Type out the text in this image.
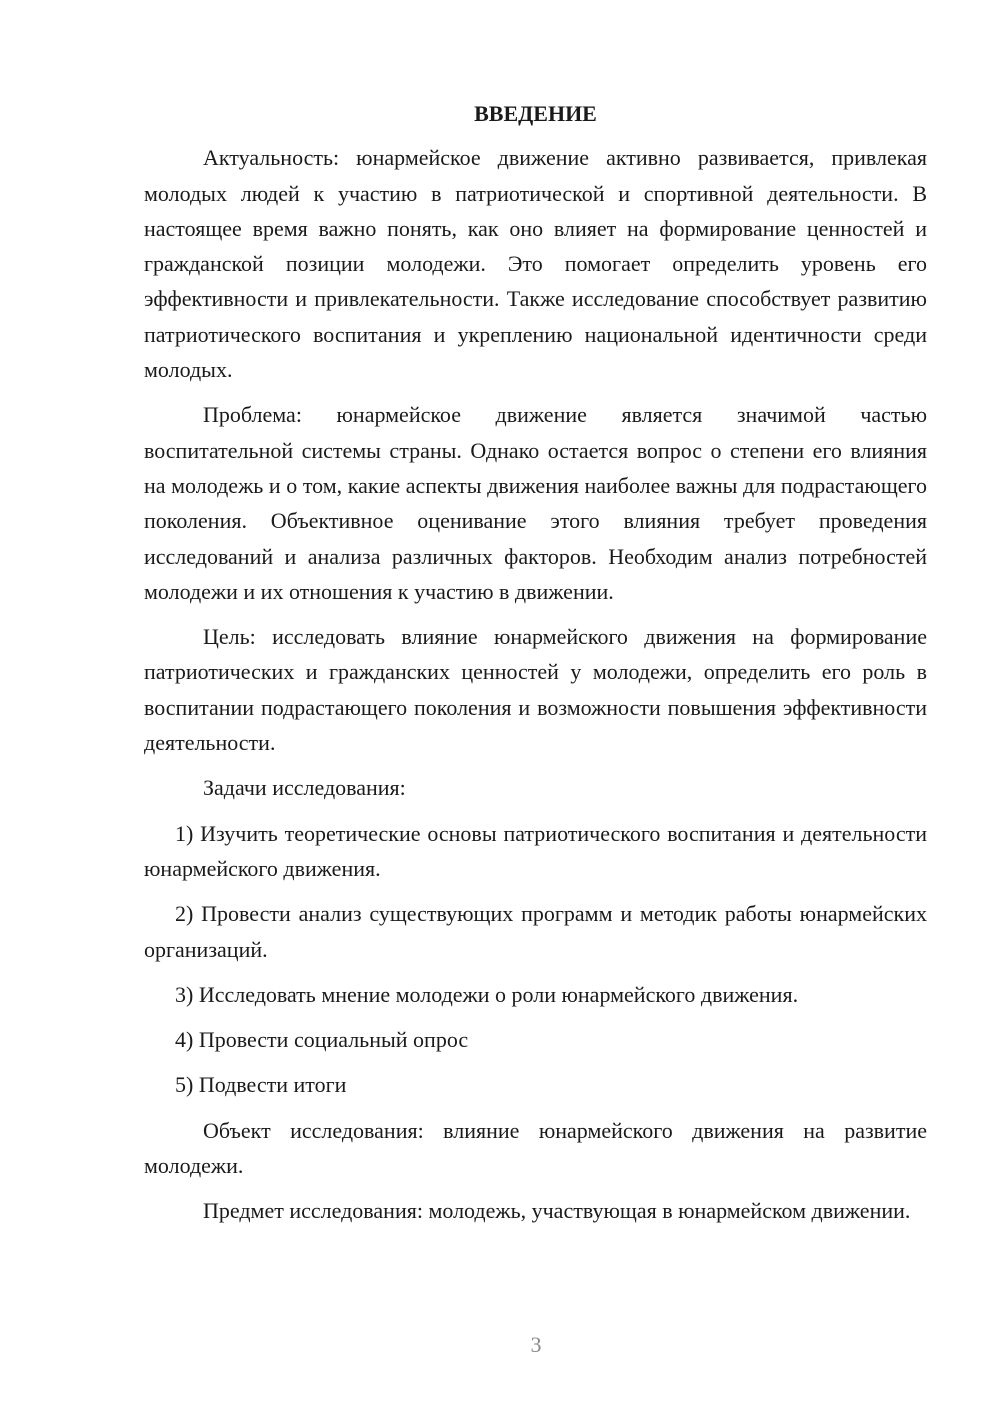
ВВЕДЕНИЕ

Актуальность: юнармейское движение активно развивается, привлекая молодых людей к участию в патриотической и спортивной деятельности. В настоящее время важно понять, как оно влияет на формирование ценностей и гражданской позиции молодежи. Это помогает определить уровень его эффективности и привлекательности. Также исследование способствует развитию патриотического воспитания и укреплению национальной идентичности среди молодых.

Проблема: юнармейское движение является значимой частью воспитательной системы страны. Однако остается вопрос о степени его влияния на молодежь и о том, какие аспекты движения наиболее важны для подрастающего поколения. Объективное оценивание этого влияния требует проведения исследований и анализа различных факторов. Необходим анализ потребностей молодежи и их отношения к участию в движении.

Цель: исследовать влияние юнармейского движения на формирование патриотических и гражданских ценностей у молодежи, определить его роль в воспитании подрастающего поколения и возможности повышения эффективности деятельности.

Задачи исследования:

1) Изучить теоретические основы патриотического воспитания и деятельности юнармейского движения.

2) Провести анализ существующих программ и методик работы юнармейских организаций.

3) Исследовать мнение молодежи о роли юнармейского движения.

4) Провести социальный опрос

5) Подвести итоги

Объект исследования: влияние юнармейского движения на развитие молодежи.

Предмет исследования: молодежь, участвующая в юнармейском движении.

3
